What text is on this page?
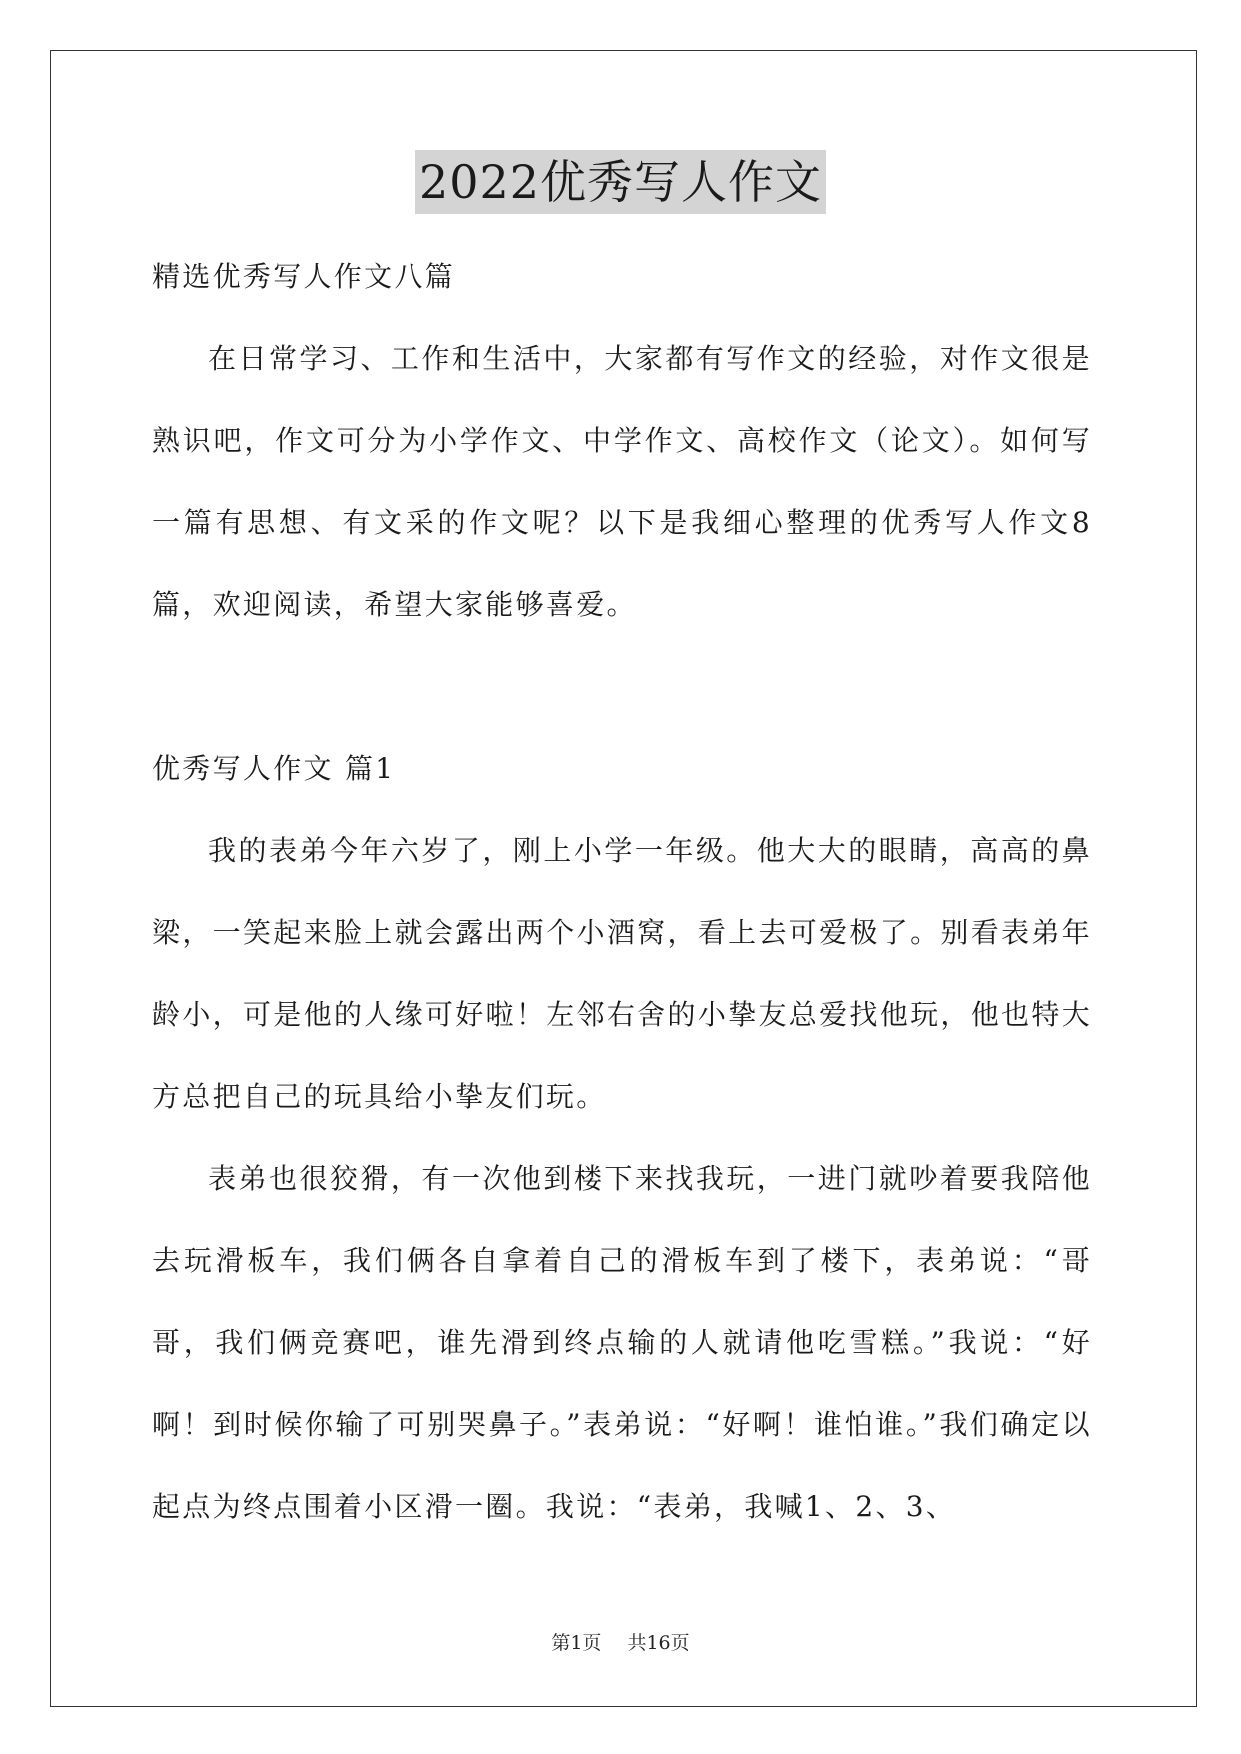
2022优秀写人作文

精选优秀写人作文八篇

在日常学习、工作和生活中，大家都有写作文的经验，对作文很是熟识吧，作文可分为小学作文、中学作文、高校作文（论文）。如何写一篇有思想、有文采的作文呢？以下是我细心整理的优秀写人作文8篇，欢迎阅读，希望大家能够喜爱。

优秀写人作文 篇1

我的表弟今年六岁了，刚上小学一年级。他大大的眼睛，高高的鼻梁，一笑起来脸上就会露出两个小酒窝，看上去可爱极了。别看表弟年龄小，可是他的人缘可好啦！左邻右舍的小挚友总爱找他玩，他也特大方总把自己的玩具给小挚友们玩。

表弟也很狡猾，有一次他到楼下来找我玩，一进门就吵着要我陪他去玩滑板车，我们俩各自拿着自己的滑板车到了楼下，表弟说：“哥哥，我们俩竞赛吧，谁先滑到终点输的人就请他吃雪糕。”我说：“好啊！到时候你输了可别哭鼻子。”表弟说：“好啊！谁怕谁。”我们确定以起点为终点围着小区滑一圈。我说：“表弟，我喊1、2、3、

第1页 共16页
